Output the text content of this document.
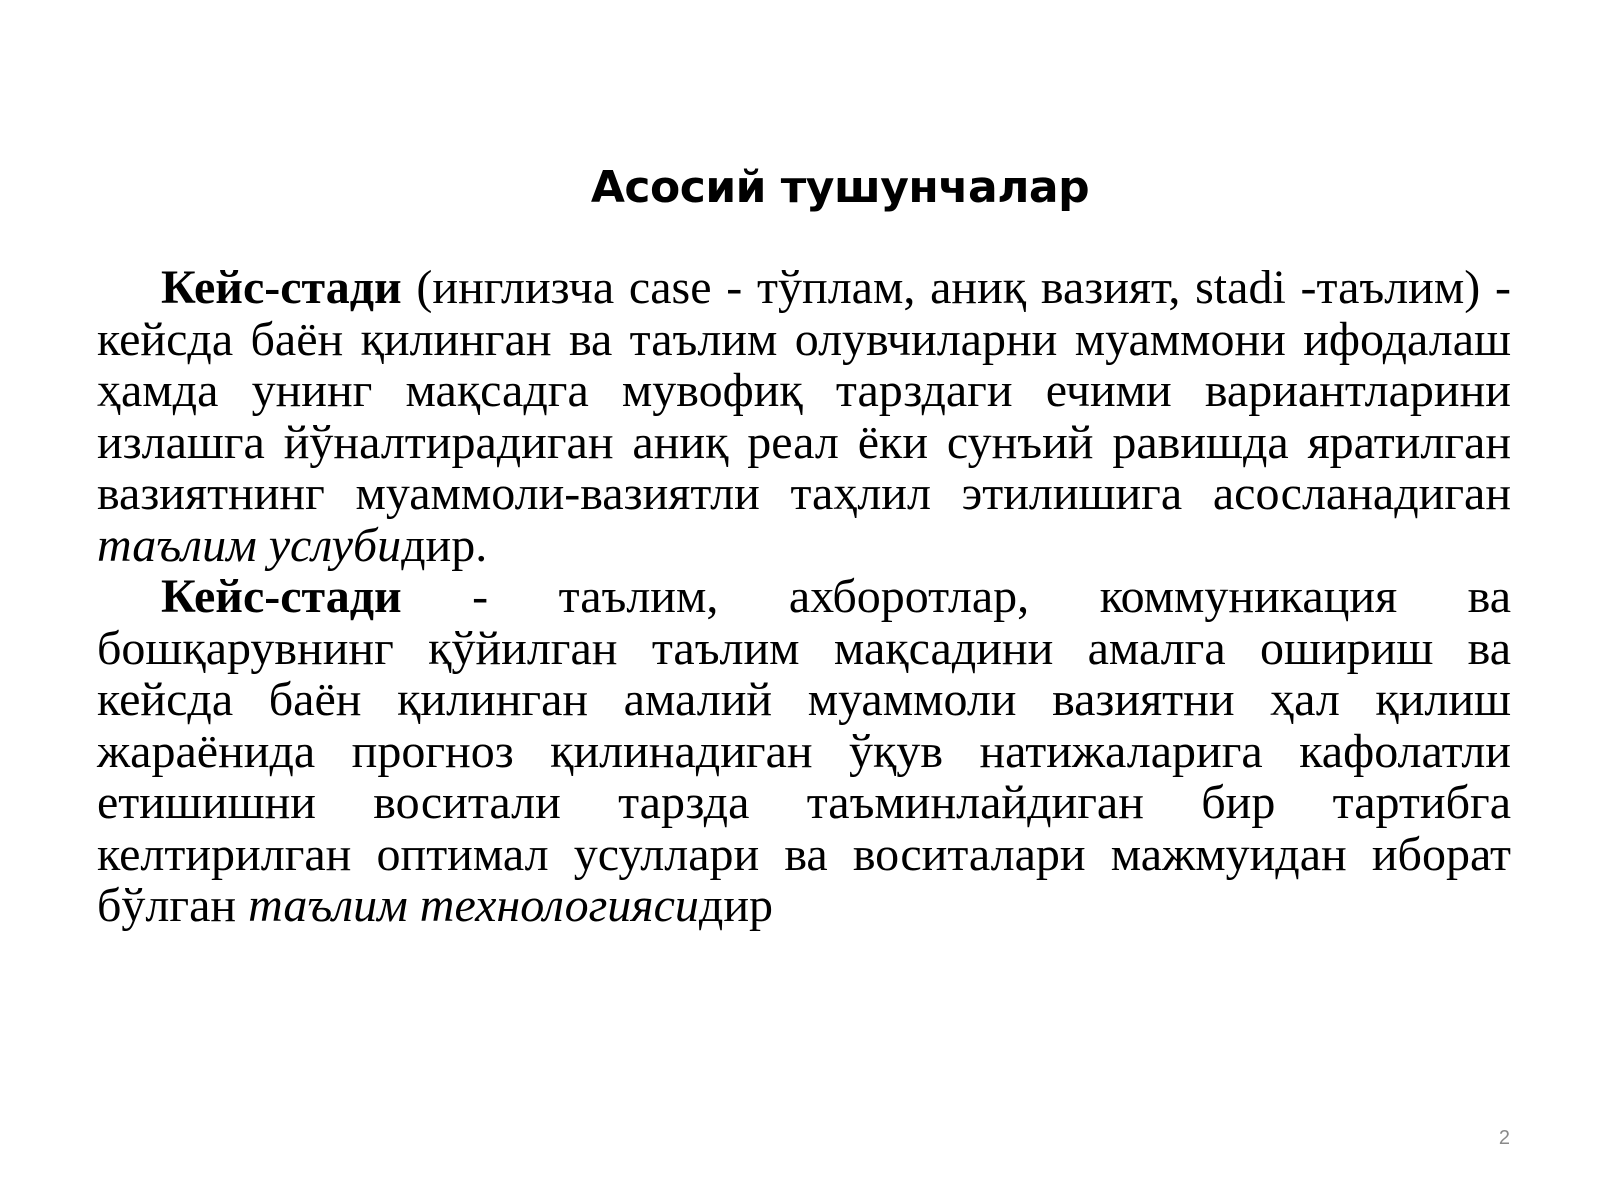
Асосий тушунчалар

Кейс-стади (инглизча case - тўплам, аниқ вазият, stadi -таълим) - кейсда баён қилинган ва таълим олувчиларни муаммони ифодалаш ҳамда унинг мақсадга мувофиқ тарздаги ечими вариантларини излашга йўналтирадиган аниқ реал ёки сунъий равишда яратилган вазиятнинг муаммоли-вазиятли таҳлил этилишига асосланадиган таълим услубидир.

Кейс-стади - таълим, ахборотлар, коммуникация ва бошқарувнинг қўйилган таълим мақсадини амалга ошириш ва кейсда баён қилинган амалий муаммоли вазиятни ҳал қилиш жараёнида прогноз қилинадиган ўқув натижаларига кафолатли етишишни воситали тарзда таъминлайдиган бир тартибга келтирилган оптимал усуллари ва воситалари мажмуидан иборат бўлган таълим технологиясидир

2
